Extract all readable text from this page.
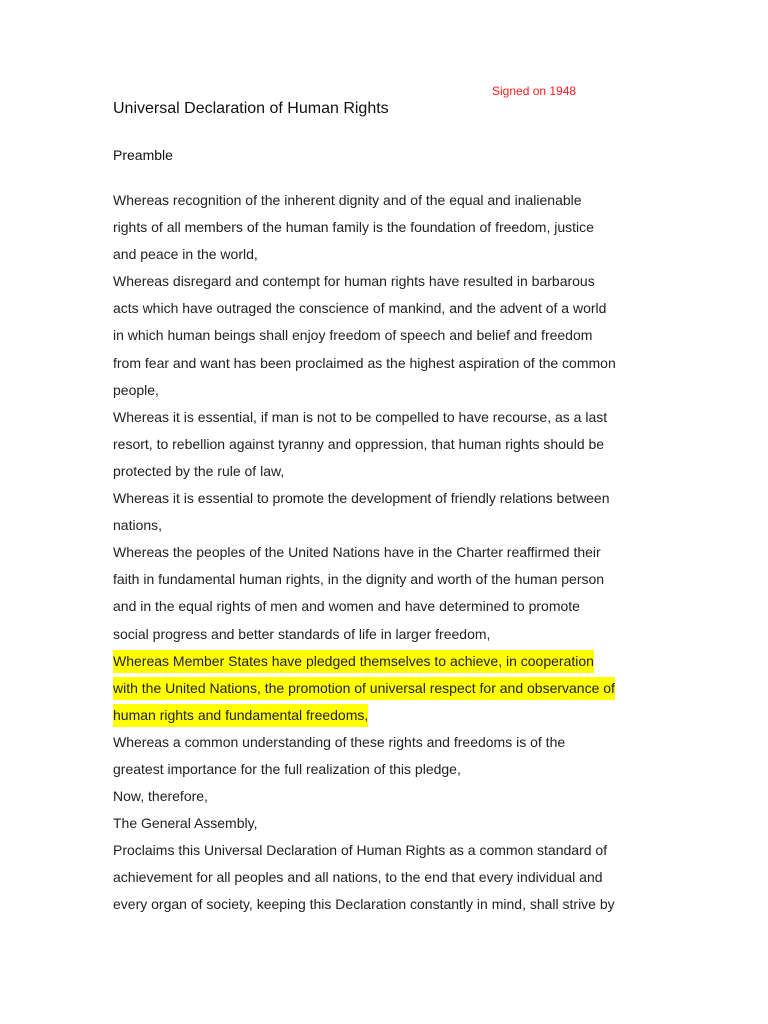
Signed on 1948
Universal Declaration of Human Rights
Preamble
Whereas recognition of the inherent dignity and of the equal and inalienable
rights of all members of the human family is the foundation of freedom, justice
and peace in the world,
Whereas disregard and contempt for human rights have resulted in barbarous
acts which have outraged the conscience of mankind, and the advent of a world
in which human beings shall enjoy freedom of speech and belief and freedom
from fear and want has been proclaimed as the highest aspiration of the common
people,
Whereas it is essential, if man is not to be compelled to have recourse, as a last
resort, to rebellion against tyranny and oppression, that human rights should be
protected by the rule of law,
Whereas it is essential to promote the development of friendly relations between
nations,
Whereas the peoples of the United Nations have in the Charter reaffirmed their
faith in fundamental human rights, in the dignity and worth of the human person
and in the equal rights of men and women and have determined to promote
social progress and better standards of life in larger freedom,
Whereas Member States have pledged themselves to achieve, in cooperation
with the United Nations, the promotion of universal respect for and observance of
human rights and fundamental freedoms,
Whereas a common understanding of these rights and freedoms is of the
greatest importance for the full realization of this pledge,
Now, therefore,
The General Assembly,
Proclaims this Universal Declaration of Human Rights as a common standard of
achievement for all peoples and all nations, to the end that every individual and
every organ of society, keeping this Declaration constantly in mind, shall strive by
